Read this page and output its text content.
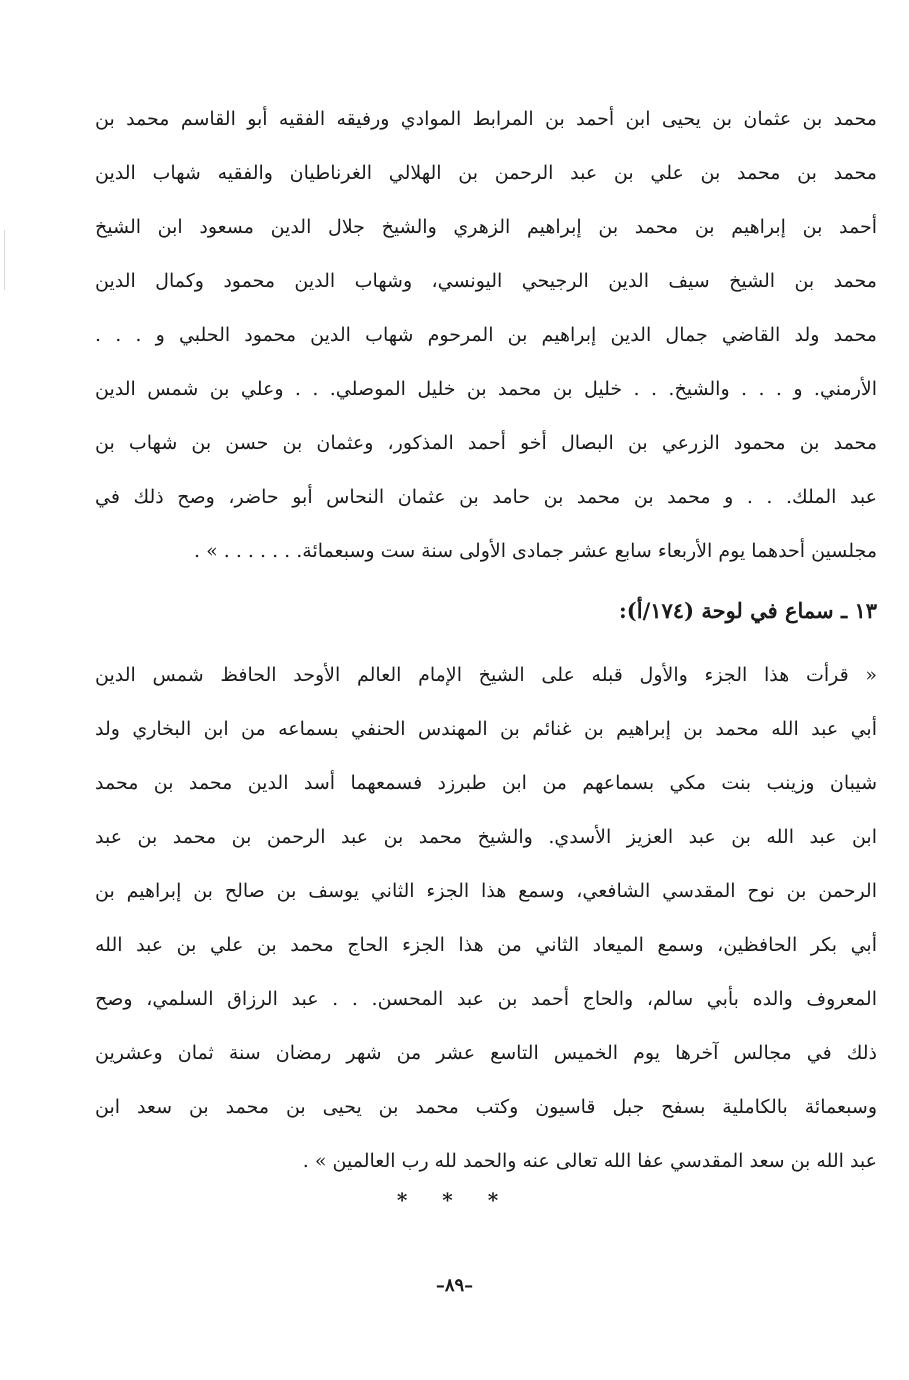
محمد بن عثمان بن يحيى ابن أحمد بن المرابط الموادي ورفيقه الفقيه أبو القاسم محمد بن
محمد بن محمد بن علي بن عبد الرحمن بن الهلالي الغرناطيان والفقيه شهاب الدين
أحمد بن إبراهيم بن محمد بن إبراهيم الزهري والشيخ جلال الدين مسعود ابن الشيخ
محمد بن الشيخ سيف الدين الرجيحي اليونسي، وشهاب الدين محمود وكمال الدين
محمد ولد القاضي جمال الدين إبراهيم بن المرحوم شهاب الدين محمود الحلبي و . . .
الأرمني. و . . . والشيخ. . . خليل بن محمد بن خليل الموصلي. . . وعلي بن شمس الدين
محمد بن محمود الزرعي بن البصال أخو أحمد المذكور، وعثمان بن حسن بن شهاب بن
عبد الملك. . . و محمد بن محمد بن حامد بن عثمان النحاس أبو حاضر، وصح ذلك في
مجلسين أحدهما يوم الأربعاء سابع عشر جمادى الأولى سنة ست وسبعمائة. . . . . . . » .
١٣ ـ سماع في لوحة (١٧٤/أ):
« قرأت هذا الجزء والأول قبله على الشيخ الإمام العالم الأوحد الحافظ شمس الدين
أبي عبد الله محمد بن إبراهيم بن غنائم بن المهندس الحنفي بسماعه من ابن البخاري ولد
شيبان وزينب بنت مكي بسماعهم من ابن طبرزد فسمعهما أسد الدين محمد بن محمد
ابن عبد الله بن عبد العزيز الأسدي. والشيخ محمد بن عبد الرحمن بن محمد بن عبد
الرحمن بن نوح المقدسي الشافعي، وسمع هذا الجزء الثاني يوسف بن صالح بن إبراهيم بن
أبي بكر الحافظين، وسمع الميعاد الثاني من هذا الجزء الحاج محمد بن علي بن عبد الله
المعروف والده بأبي سالم، والحاج أحمد بن عبد المحسن. . . عبد الرزاق السلمي، وصح
ذلك في مجالس آخرها يوم الخميس التاسع عشر من شهر رمضان سنة ثمان وعشرين
وسبعمائة بالكاملية بسفح جبل قاسيون وكتب محمد بن يحيى بن محمد بن سعد ابن
عبد الله بن سعد المقدسي عفا الله تعالى عنه والحمد لله رب العالمين » .
* * *
–٨٩–
